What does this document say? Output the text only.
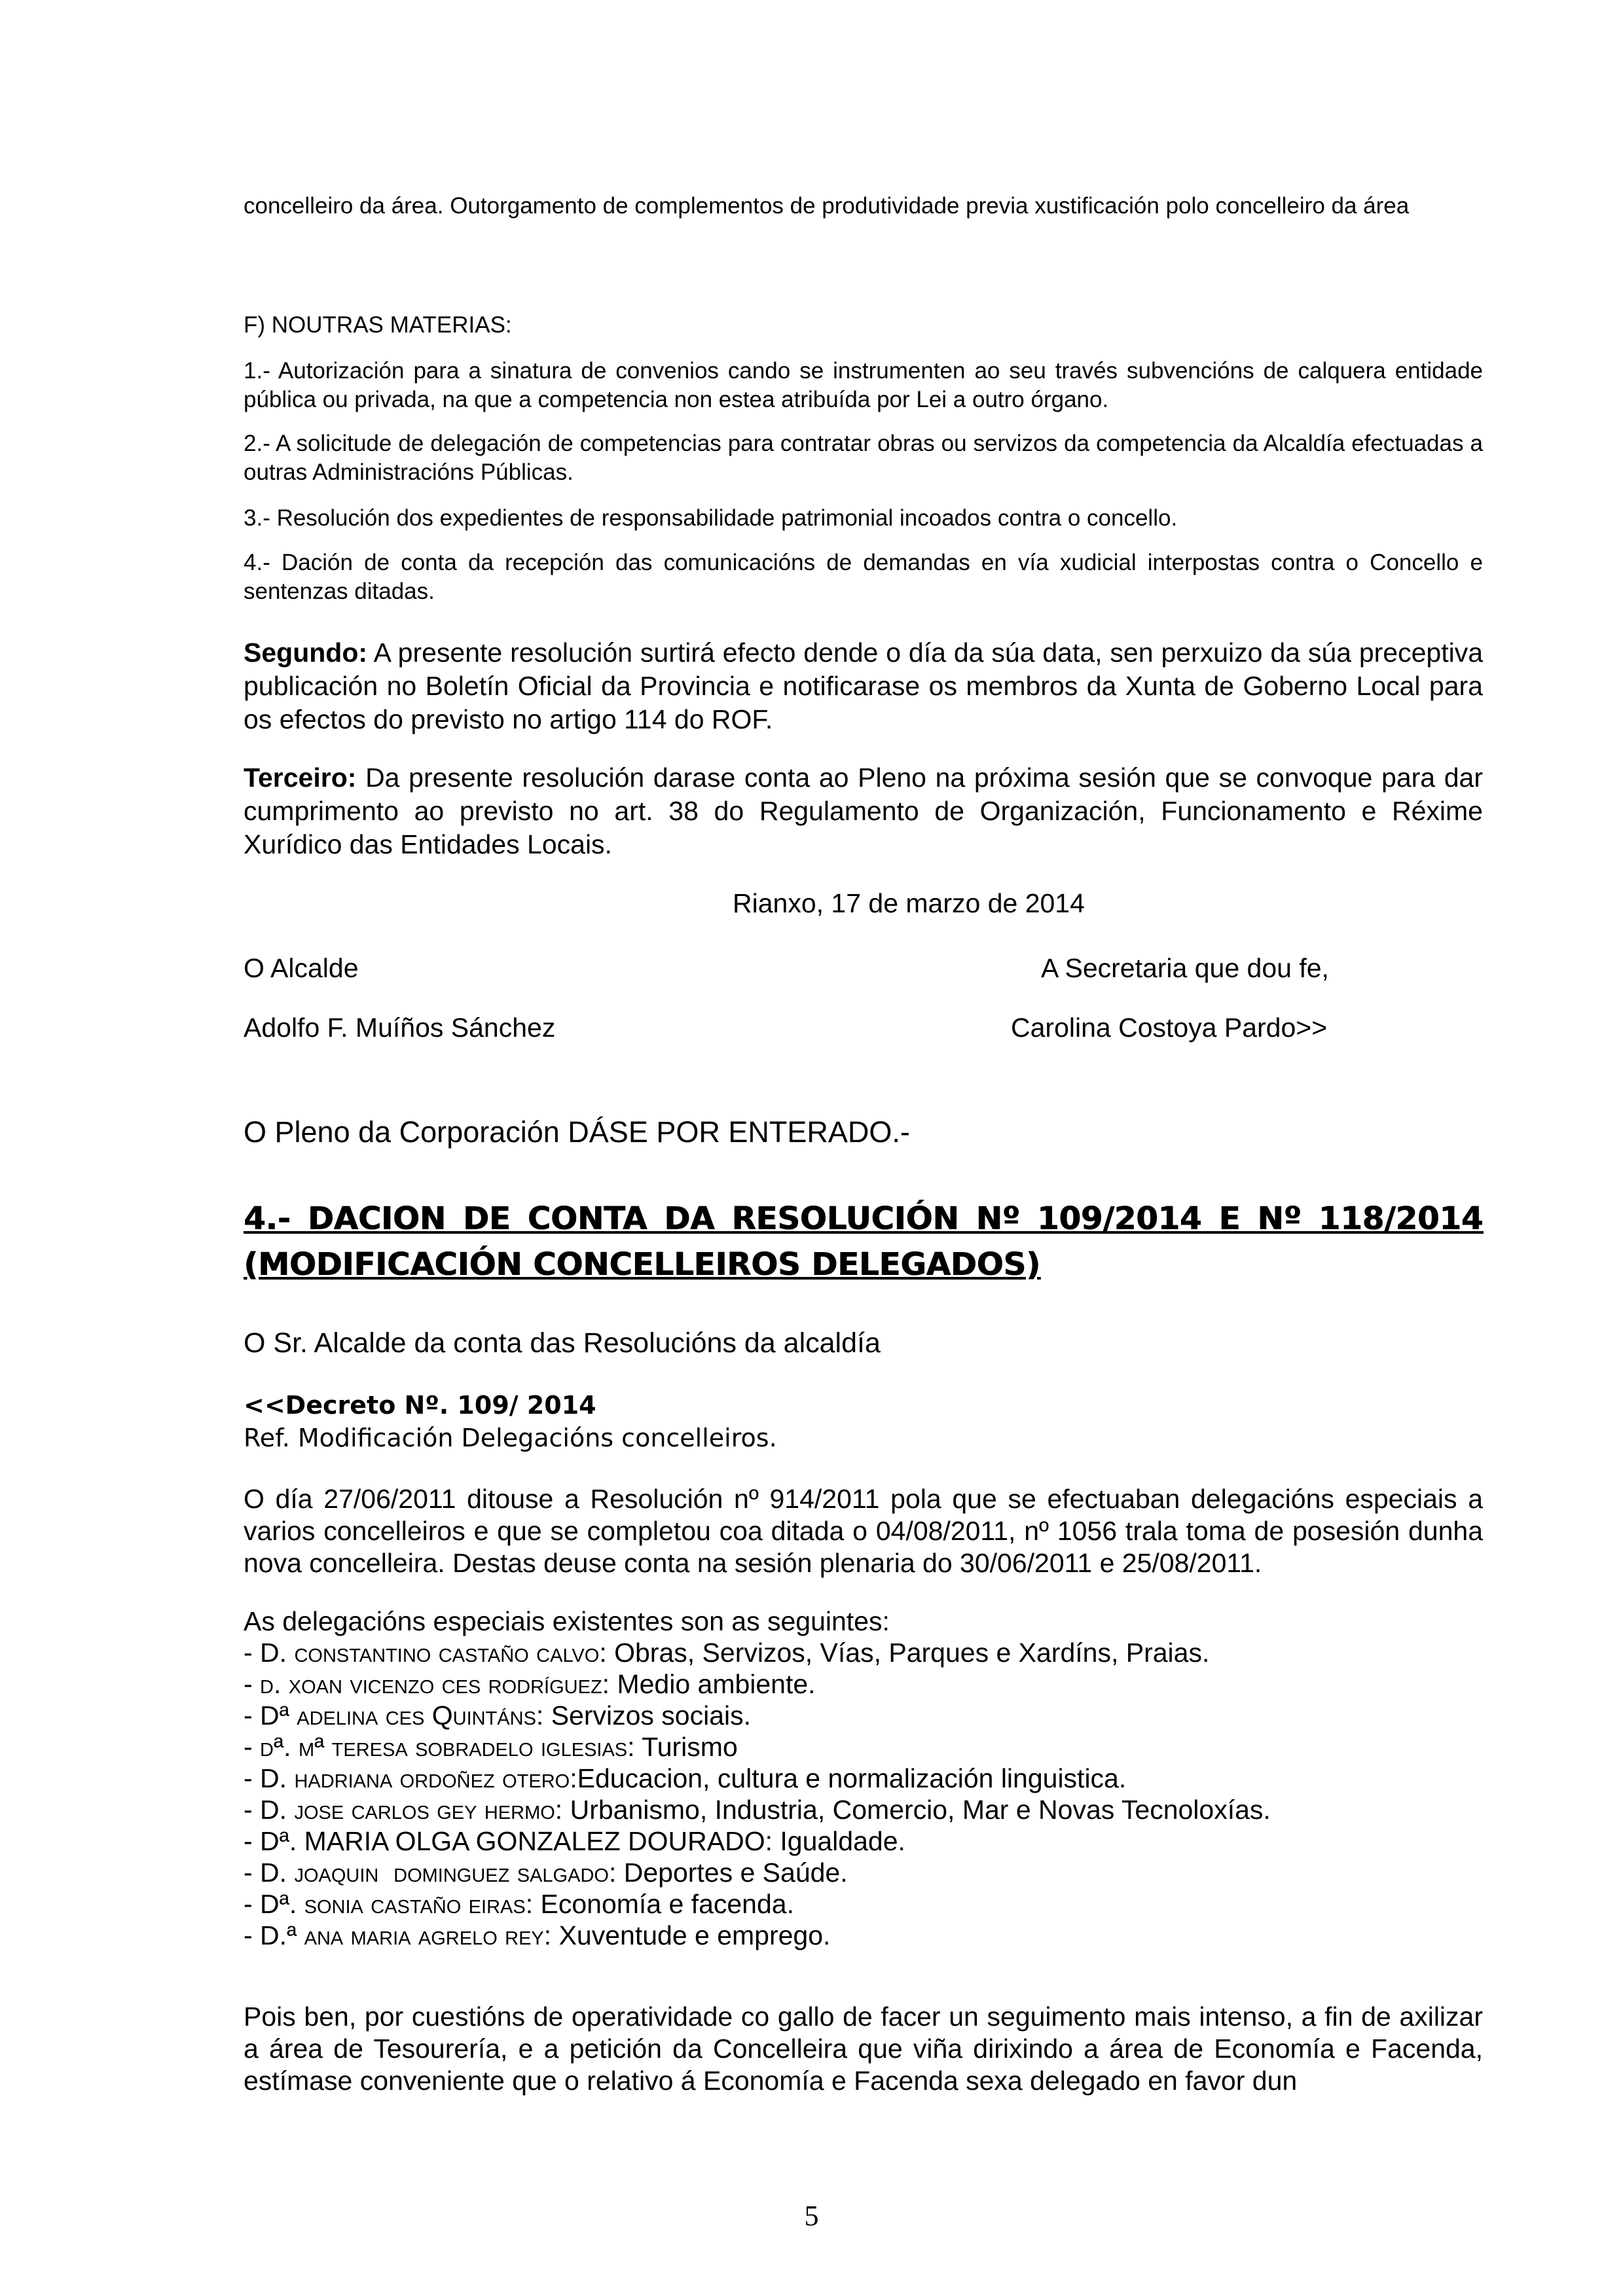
concelleiro da área. Outorgamento de complementos de produtividade previa xustificación polo concelleiro da área

F) NOUTRAS MATERIAS:

1.- Autorización para a sinatura de convenios cando se instrumenten ao seu través subvencións de calquera entidade pública ou privada, na que a competencia non estea atribuída por Lei a outro órgano.

2.- A solicitude de delegación de competencias para contratar obras ou servizos da competencia da Alcaldía efectuadas a outras Administracións Públicas.

3.- Resolución dos expedientes de responsabilidade patrimonial incoados contra o concello.

4.- Dación de conta da recepción das comunicacións de demandas en vía xudicial interpostas contra o Concello e sentenzas ditadas.

Segundo: A presente resolución surtirá efecto dende o día da súa data, sen perxuizo da súa preceptiva publicación no Boletín Oficial da Provincia e notificarase os membros da Xunta de Goberno Local para os efectos do previsto no artigo 114 do ROF.

Terceiro: Da presente resolución darase conta ao Pleno na próxima sesión que se convoque para dar cumprimento ao previsto no art. 38 do Regulamento de Organización, Funcionamento e Réxime Xurídico das Entidades Locais.

Rianxo, 17 de marzo de 2014

O Alcalde	A Secretaria que dou fe,
Adolfo F. Muíños Sánchez	Carolina Costoya Pardo>>

O Pleno da Corporación DÁSE POR ENTERADO.-

4.- DACION DE CONTA DA RESOLUCIÓN Nº 109/2014 E Nº 118/2014 (MODIFICACIÓN CONCELLEIROS DELEGADOS)

O Sr. Alcalde da conta das Resolucións da alcaldía

<<Decreto Nº. 109/ 2014

Ref. Modificación Delegacións concelleiros.

O día 27/06/2011 ditouse a Resolución nº 914/2011 pola que se efectuaban delegacións especiais a varios concelleiros e que se completou coa ditada o 04/08/2011, nº 1056 trala toma de posesión dunha nova concelleira. Destas deuse conta na sesión plenaria do 30/06/2011 e 25/08/2011.

As delegacións especiais existentes son as seguintes:

- D. constantino castaño calvo: Obras, Servizos, Vías, Parques e Xardíns, Praias.

- d. xoan vicenzo ces rodríguez: Medio ambiente.

- Dª adelina ces Quintáns: Servizos sociais.

- dª. mª teresa sobradelo iglesias: Turismo

- D. hadriana ordoñez otero:Educacion, cultura e normalización linguistica.

- D. jose carlos gey hermo: Urbanismo, Industria, Comercio, Mar e Novas Tecnoloxías.

- Dª. MARIA OLGA GONZALEZ DOURADO: Igualdade.

- D. joaquin  dominguez salgado: Deportes e Saúde.

- Dª. sonia castaño eiras: Economía e facenda.

- D.ª ana maria agrelo rey: Xuventude e emprego.

Pois ben, por cuestións de operatividade co gallo de facer un seguimento mais intenso, a fin de axilizar a área de Tesourería, e a petición da Concelleira que viña dirixindo a área de Economía e Facenda, estímase conveniente que o relativo á Economía e Facenda sexa delegado en favor dun

5
